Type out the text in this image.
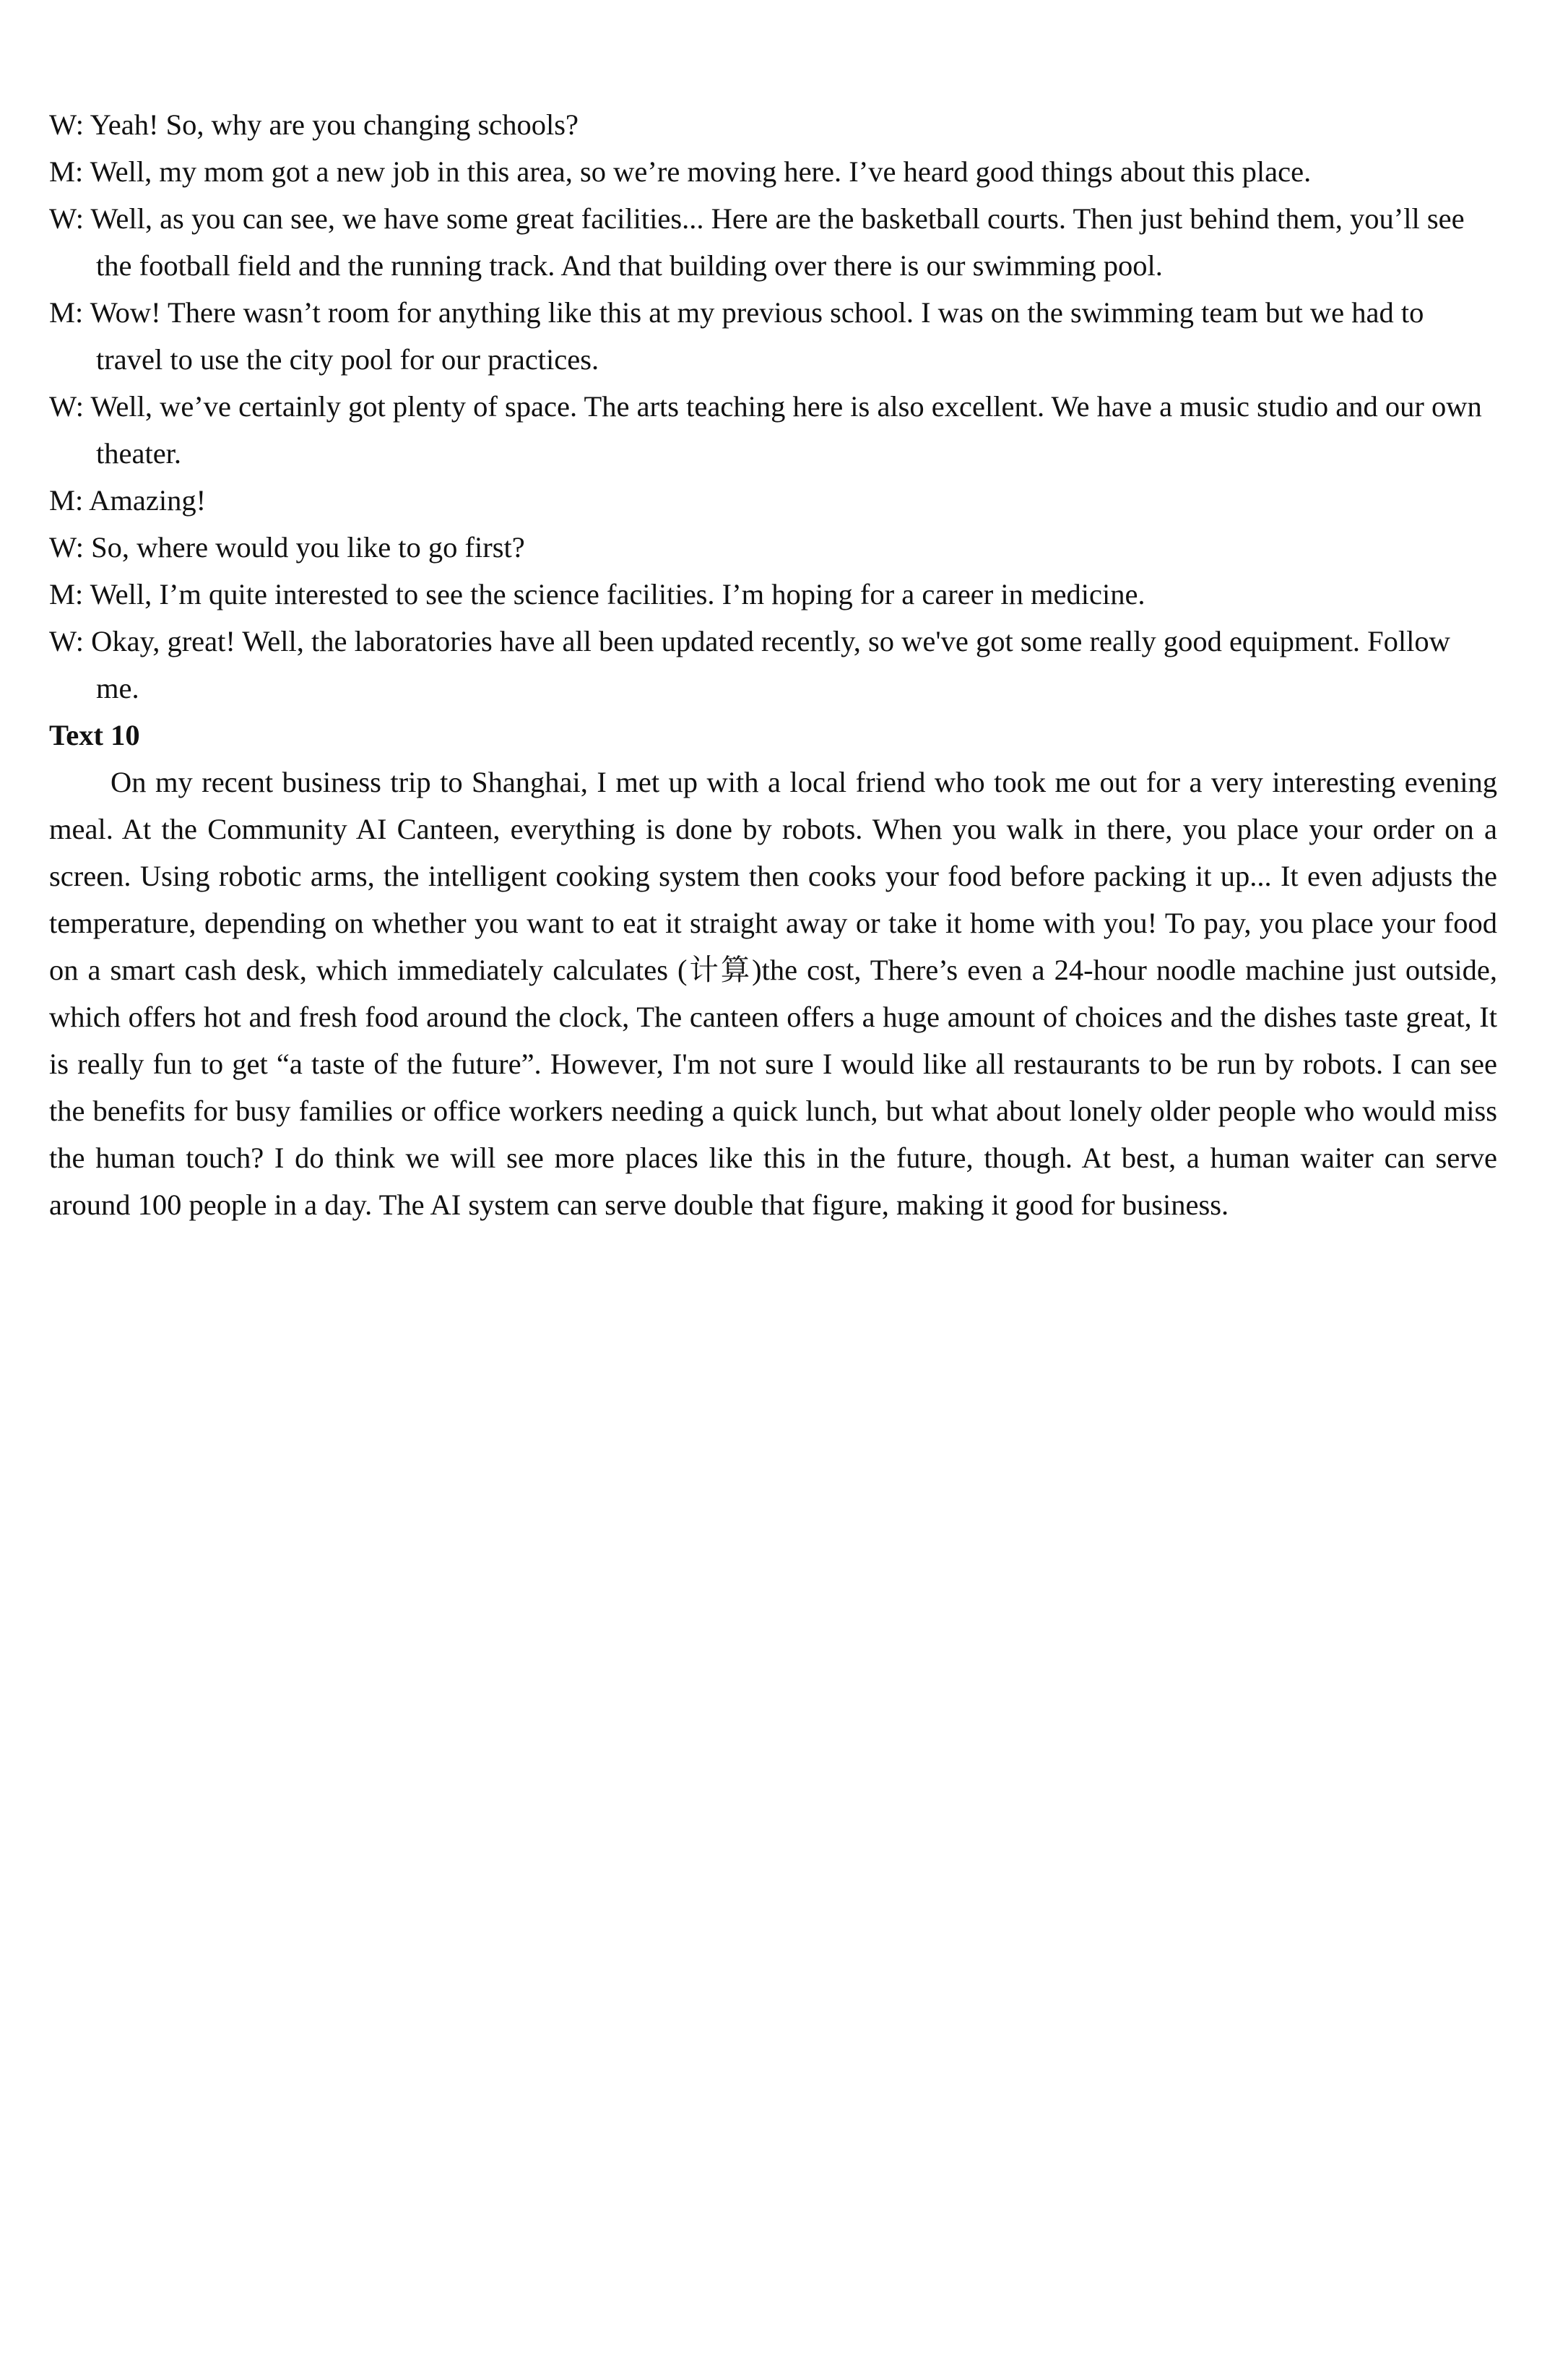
W: Yeah! So, why are you changing schools?

M: Well, my mom got a new job in this area, so we’re moving here. I’ve heard good things about this place.

W: Well, as you can see, we have some great facilities... Here are the basketball courts. Then just behind them, you’ll see the football field and the running track. And that building over there is our swimming pool.

M: Wow! There wasn’t room for anything like this at my previous school. I was on the swimming team but we had to travel to use the city pool for our practices.

W: Well, we’ve certainly got plenty of space. The arts teaching here is also excellent. We have a music studio and our own theater.

M: Amazing!

W: So, where would you like to go first?

M: Well, I’m quite interested to see the science facilities. I’m hoping for a career in medicine.

W: Okay, great! Well, the laboratories have all been updated recently, so we've got some really good equipment. Follow me.

Text 10

On my recent business trip to Shanghai, I met up with a local friend who took me out for a very interesting evening meal. At the Community AI Canteen, everything is done by robots. When you walk in there, you place your order on a screen. Using robotic arms, the intelligent cooking system then cooks your food before packing it up... It even adjusts the temperature, depending on whether you want to eat it straight away or take it home with you! To pay, you place your food on a smart cash desk, which immediately calculates (计算)the cost, There’s even a 24-hour noodle machine just outside, which offers hot and fresh food around the clock, The canteen offers a huge amount of choices and the dishes taste great, It is really fun to get “a taste of the future”. However, I'm not sure I would like all restaurants to be run by robots. I can see the benefits for busy families or office workers needing a quick lunch, but what about lonely older people who would miss the human touch? I do think we will see more places like this in the future, though. At best, a human waiter can serve around 100 people in a day. The AI system can serve double that figure, making it good for business.
